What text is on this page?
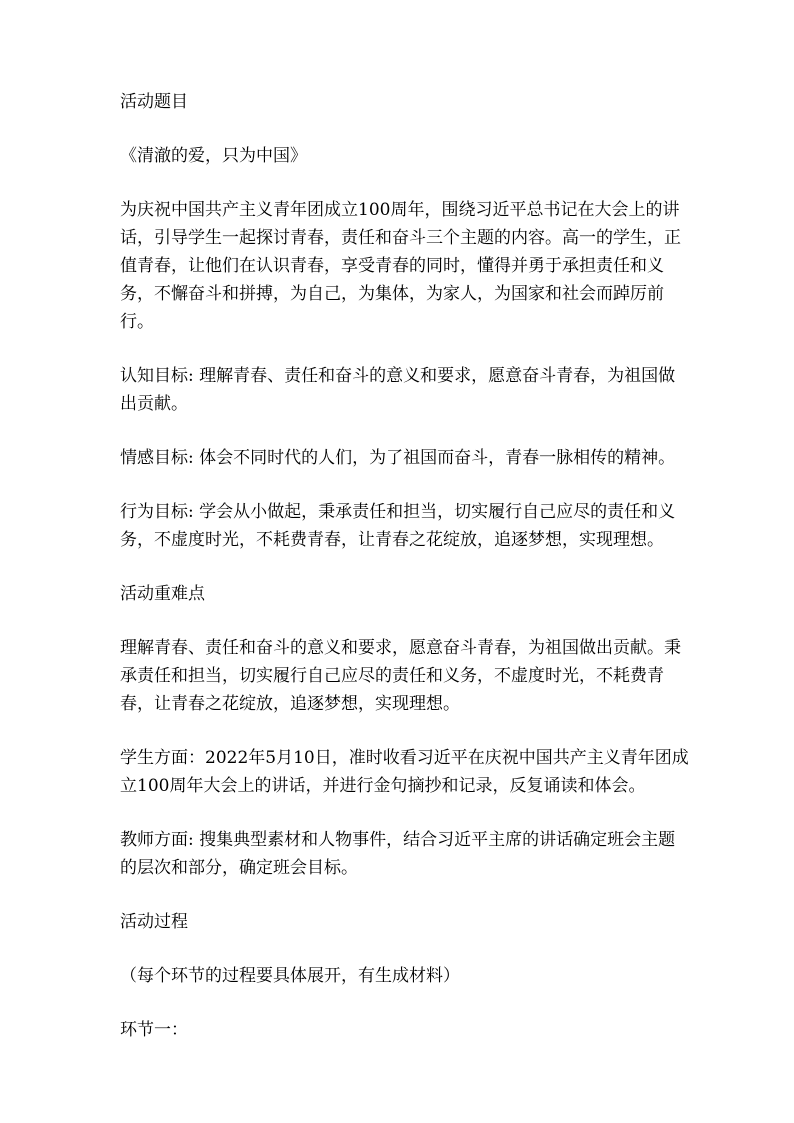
活动题目

《清澈的爱，只为中国》

为庆祝中国共产主义青年团成立100周年，围绕习近平总书记在大会上的讲话，引导学生一起探讨青春，责任和奋斗三个主题的内容。高一的学生，正值青春，让他们在认识青春，享受青春的同时，懂得并勇于承担责任和义务，不懈奋斗和拼搏，为自己，为集体，为家人，为国家和社会而踔厉前行。

认知目标: 理解青春、责任和奋斗的意义和要求，愿意奋斗青春，为祖国做出贡献。

情感目标: 体会不同时代的人们，为了祖国而奋斗，青春一脉相传的精神。

行为目标: 学会从小做起，秉承责任和担当，切实履行自己应尽的责任和义务，不虚度时光，不耗费青春，让青春之花绽放，追逐梦想，实现理想。

活动重难点

理解青春、责任和奋斗的意义和要求，愿意奋斗青春，为祖国做出贡献。秉承责任和担当，切实履行自己应尽的责任和义务，不虚度时光，不耗费青春，让青春之花绽放，追逐梦想，实现理想。

学生方面：2022年5月10日，准时收看习近平在庆祝中国共产主义青年团成立100周年大会上的讲话，并进行金句摘抄和记录，反复诵读和体会。

教师方面: 搜集典型素材和人物事件，结合习近平主席的讲话确定班会主题的层次和部分，确定班会目标。

活动过程

（每个环节的过程要具体展开，有生成材料）

环节一：
